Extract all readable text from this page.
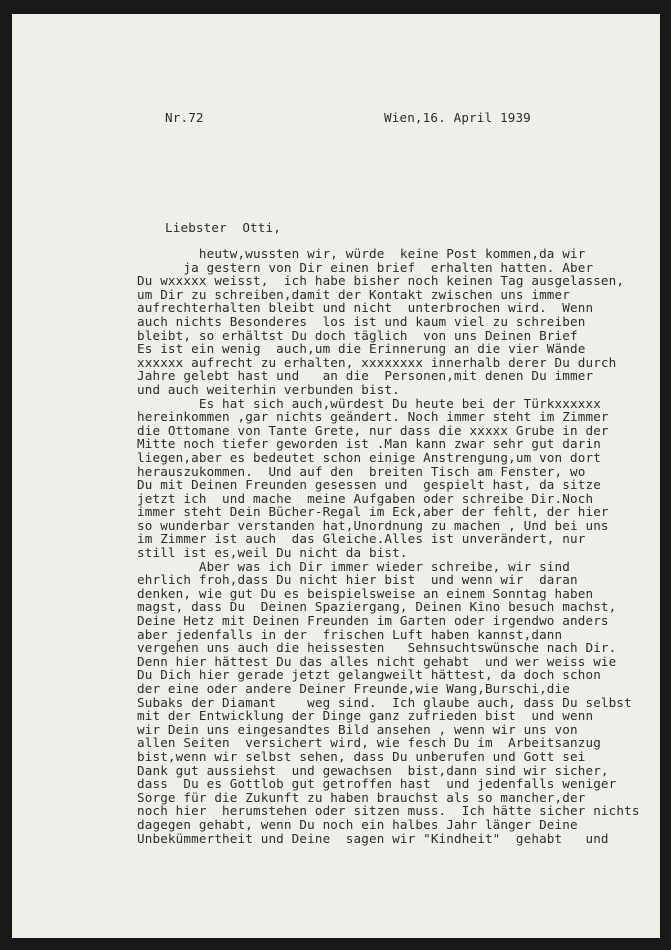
Nr.72	Wien,16. April 1939
Liebster  Otti,
heutw,wussten wir, würde  keine Post kommen,da wir
ja gestern von Dir einen brief  erhalten hatten. Aber
Du wxxxxx weisst,  ich habe bisher noch keinen Tag ausgelassen,
um Dir zu schreiben,damit der Kontakt zwischen uns immer
aufrechterhalten bleibt und nicht  unterbrochen wird.  Wenn
auch nichts Besonderes  los ist und kaum viel zu schreiben
bleibt, so erhältst Du doch täglich  von uns Deinen Brief
Es ist ein wenig  auch,um die Erinnerung an die vier Wände
xxxxxx aufrecht zu erhalten, xxxxxxxx innerhalb derer Du durch
Jahre gelebt hast und   an die  Personen,mit denen Du immer
und auch weiterhin verbunden bist.
Es hat sich auch,würdest Du heute bei der Türkxxxxxx
hereinkommen ,gar nichts geändert. Noch immer steht im Zimmer
die Ottomane von Tante Grete, nur dass die xxxxx Grube in der
Mitte noch tiefer geworden ist .Man kann zwar sehr gut darin
liegen,aber es bedeutet schon einige Anstrengung,um von dort
herauszukommen.  Und auf den  breiten Tisch am Fenster, wo
Du mit Deinen Freunden gesessen und  gespielt hast, da sitze
jetzt ich  und mache  meine Aufgaben oder schreibe Dir.Noch
immer steht Dein Bücher-Regal im Eck,aber der fehlt, der hier
so wunderbar verstanden hat,Unordnung zu machen , Und bei uns
im Zimmer ist auch  das Gleiche.Alles ist unverändert, nur
still ist es,weil Du nicht da bist.
Aber was ich Dir immer wieder schreibe, wir sind
ehrlich froh,dass Du nicht hier bist  und wenn wir  daran
denken, wie gut Du es beispielsweise an einem Sonntag haben
magst, dass Du  Deinen Spaziergang, Deinen Kino besuch machst,
Deine Hetz mit Deinen Freunden im Garten oder irgendwo anders
aber jedenfalls in der  frischen Luft haben kannst,dann
vergehen uns auch die heissesten   Sehnsuchtswünsche nach Dir.
Denn hier hättest Du das alles nicht gehabt  und wer weiss wie
Du Dich hier gerade jetzt gelangweilt hättest, da doch schon
der eine oder andere Deiner Freunde,wie Wang,Burschi,die
Subaks der Diamant    weg sind.  Ich glaube auch, dass Du selbst
mit der Entwicklung der Dinge ganz zufrieden bist  und wenn
wir Dein uns eingesandtes Bild ansehen , wenn wir uns von
allen Seiten  versichert wird, wie fesch Du im  Arbeitsanzug
bist,wenn wir selbst sehen, dass Du unberufen und Gott sei
Dank gut aussiehst  und gewachsen  bist,dann sind wir sicher,
dass  Du es Gottlob gut getroffen hast  und jedenfalls weniger
Sorge für die Zukunft zu haben brauchst als so mancher,der
noch hier  herumstehen oder sitzen muss.  Ich hätte sicher nichts
dagegen gehabt, wenn Du noch ein halbes Jahr länger Deine
Unbekümmertheit und Deine  sagen wir "Kindheit"  gehabt   und
